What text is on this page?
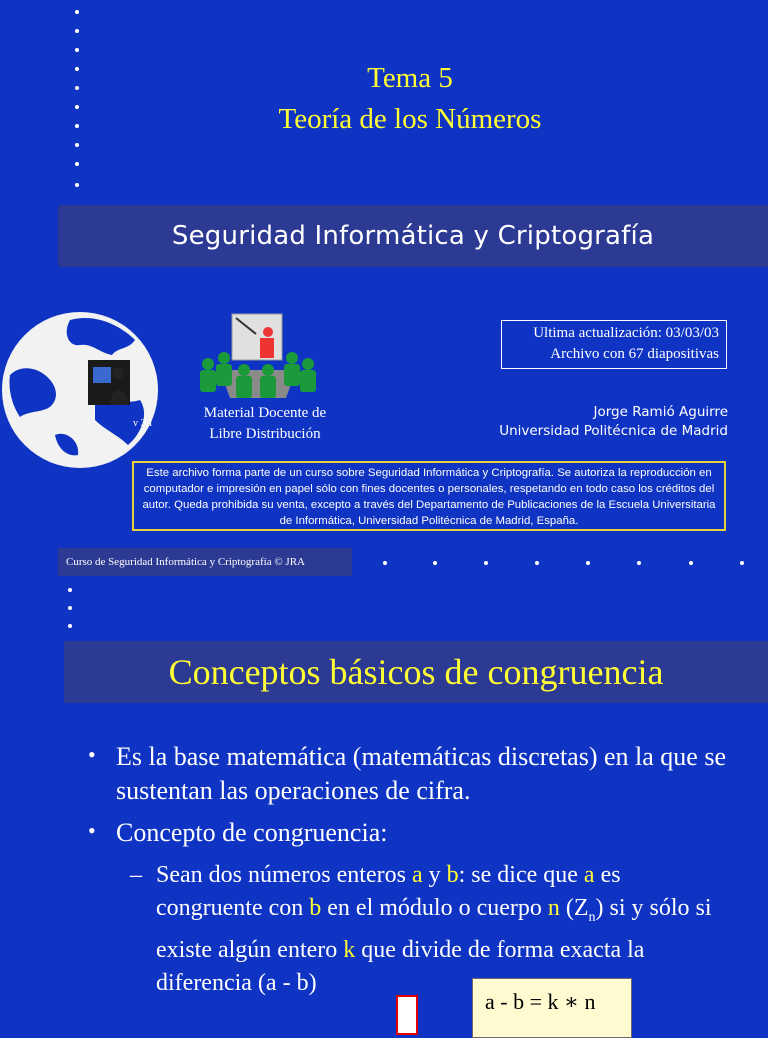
Tema 5
Teoría de los Números
Seguridad Informática y Criptografía
v 3.1
Material Docente de
Libre Distribución
Ultima actualización: 03/03/03
Archivo con 67 diapositivas
Jorge Ramió Aguirre
Universidad Politécnica de Madrid
Este archivo forma parte de un curso sobre Seguridad Informática y Criptografía. Se autoriza la reproducción en computador e impresión en papel sólo con fines docentes o personales, respetando en todo caso los créditos del autor. Queda prohibida su venta, excepto a través del Departamento de Publicaciones de la Escuela Universitaria de Informática, Universidad Politécnica de Madrid, España.
Curso de Seguridad Informática y Criptografía © JRA
Conceptos básicos de congruencia
• Es la base matemática (matemáticas discretas) en la que se sustentan las operaciones de cifra.
• Concepto de congruencia:
– Sean dos números enteros a y b: se dice que a es congruente con b en el módulo o cuerpo n $(Z_n)$ si y sólo si existe algún entero k que divide de forma exacta la diferencia (a - b)
a - b = k ∗ n
